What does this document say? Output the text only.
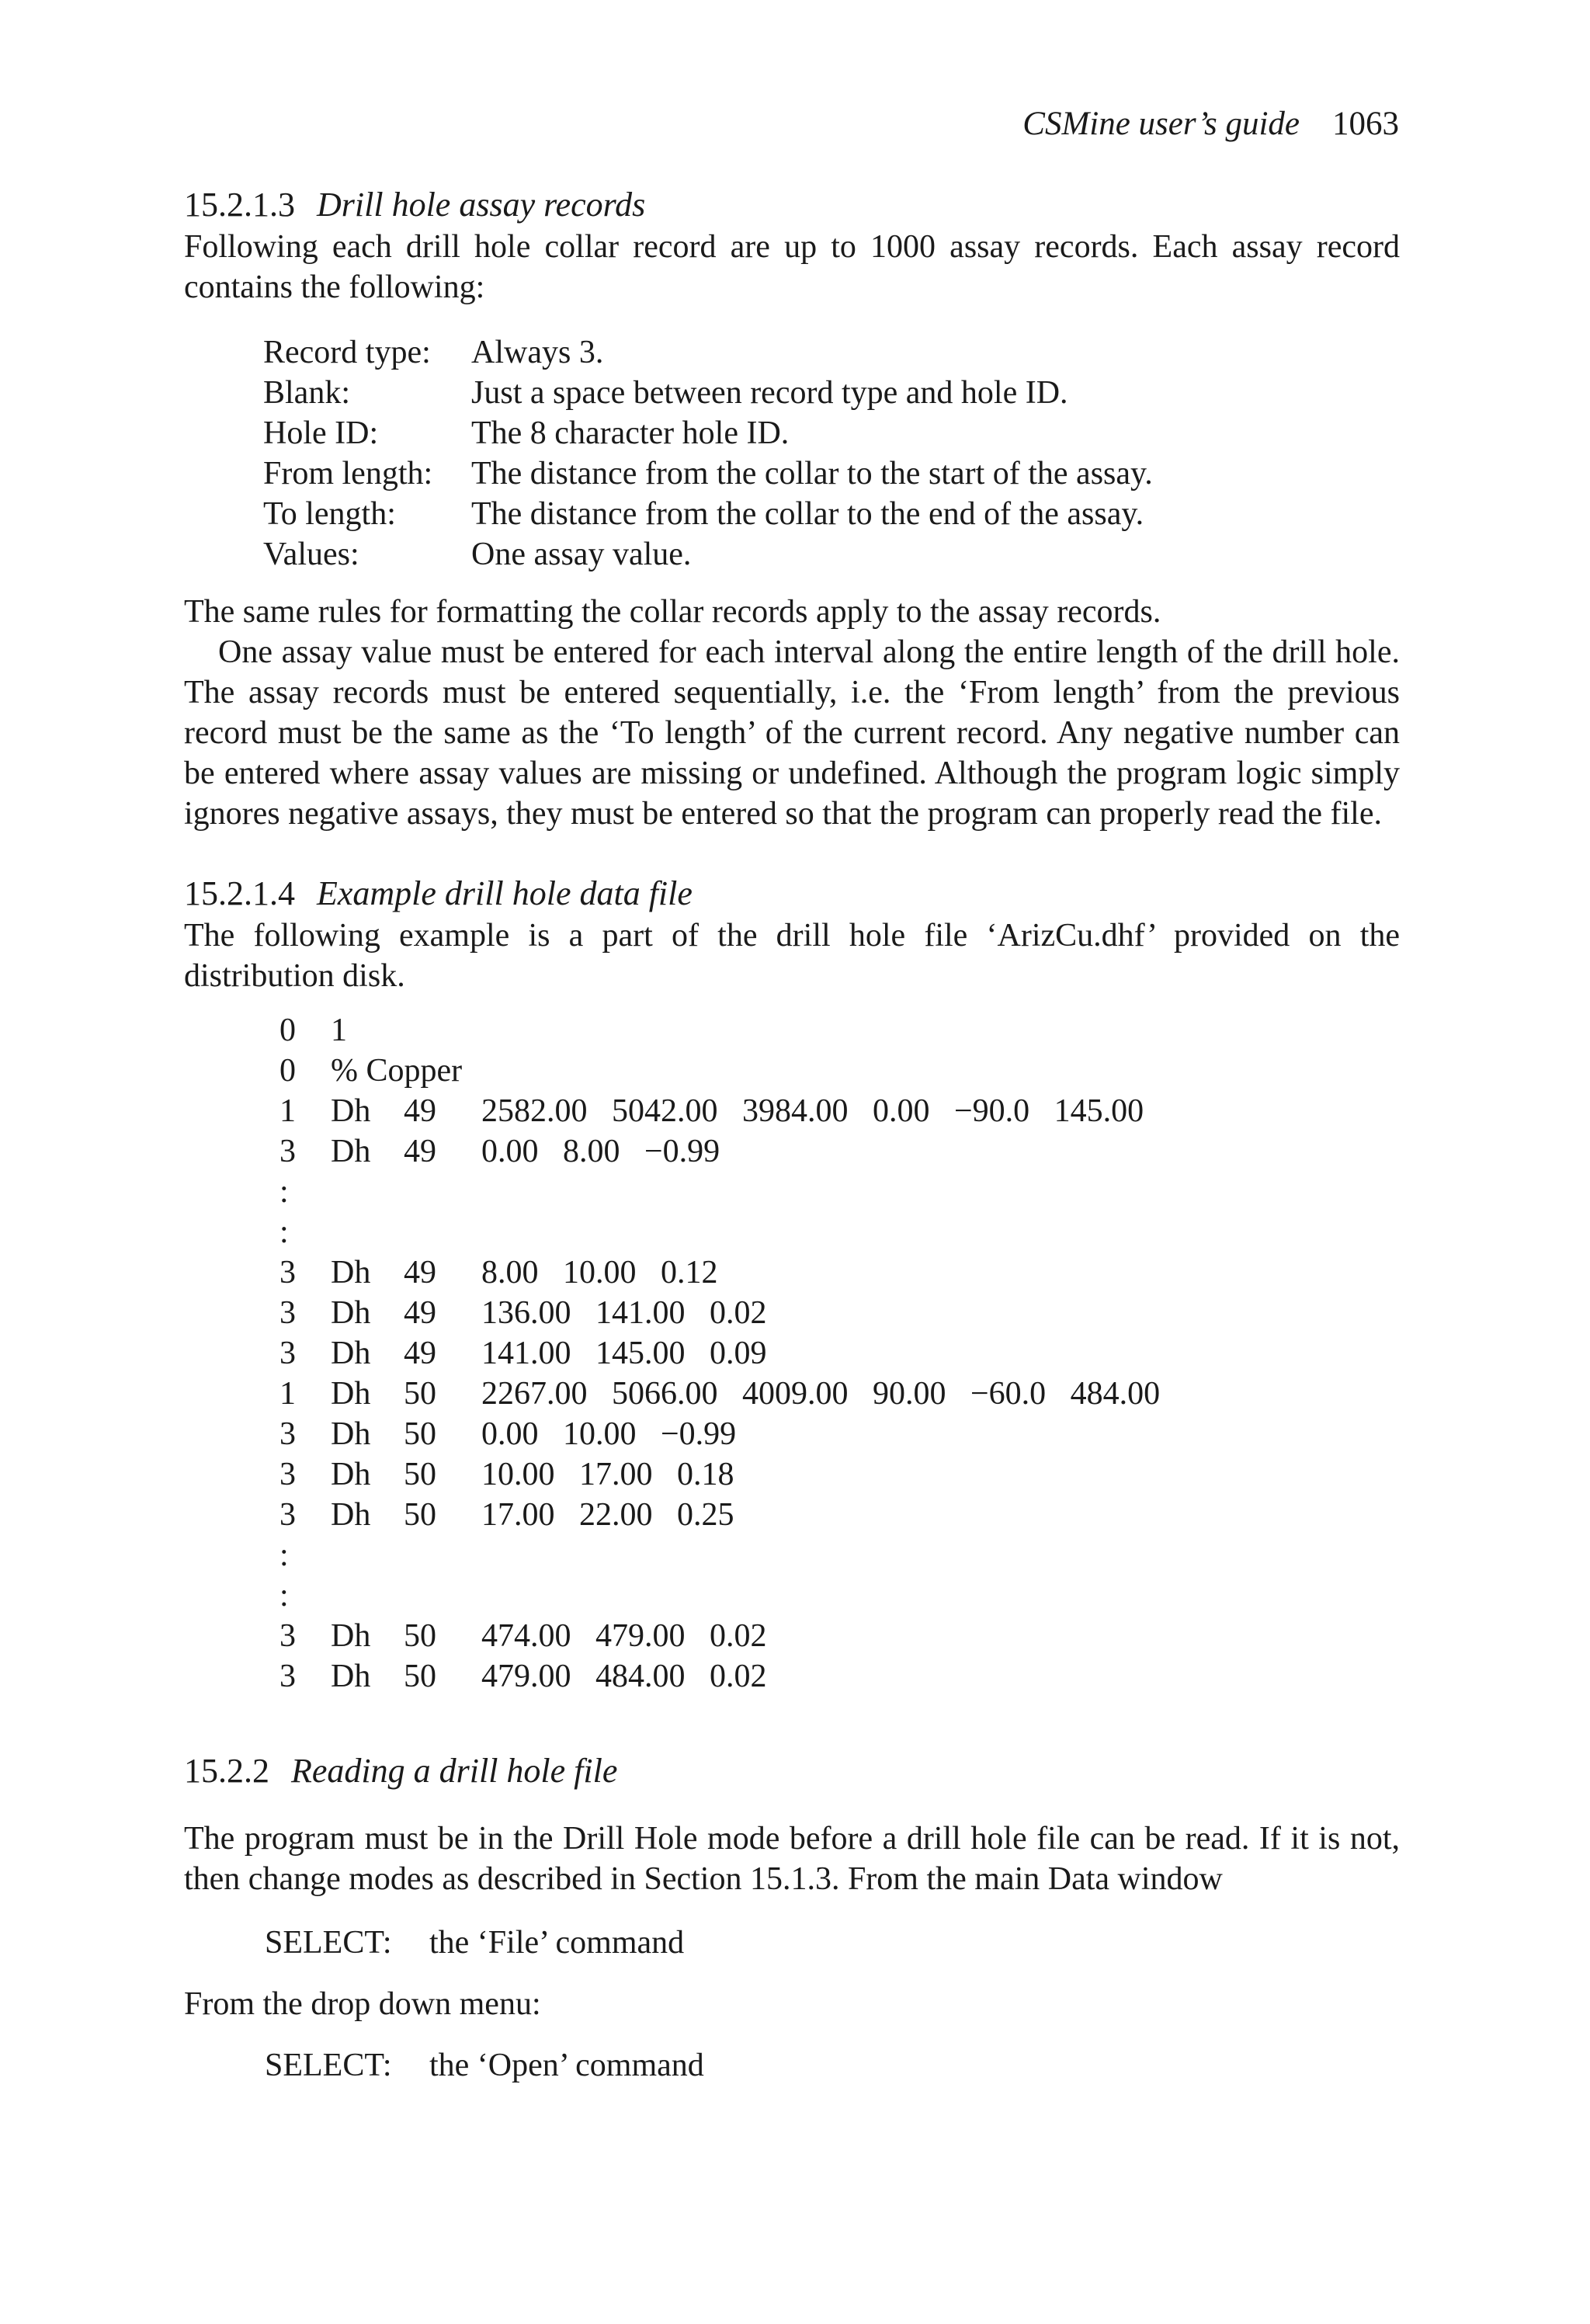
CSMine user’s guide 1063
15.2.1.3 Drill hole assay records

Following each drill hole collar record are up to 1000 assay records. Each assay record contains the following:

Record type: Always 3.
Blank:	Just a space between record type and hole ID.
Hole ID:	The 8 character hole ID.
From length: The distance from the collar to the start of the assay.
To length: The distance from the collar to the end of the assay.
Values:	One assay value.

The same rules for formatting the collar records apply to the assay records.

One assay value must be entered for each interval along the entire length of the drill hole. The assay records must be entered sequentially, i.e. the ‘From length’ from the previous record must be the same as the ‘To length’ of the current record. Any negative number can be entered where assay values are missing or undefined. Although the program logic simply ignores negative assays, they must be entered so that the program can properly read the file.

15.2.1.4 Example drill hole data file

The following example is a part of the drill hole file ‘ArizCu.dhf’ provided on the distribution disk.

0 1
0 % Copper
1 Dh 49 2582.00   5042.00   3984.00   0.00   −90.0   145.00
3 Dh 49 0.00   8.00   −0.99
:
:
3 Dh 49 8.00   10.00   0.12
3 Dh 49 136.00   141.00   0.02
3 Dh 49 141.00   145.00   0.09
1 Dh 50 2267.00   5066.00   4009.00   90.00   −60.0   484.00
3 Dh 50 0.00   10.00   −0.99
3 Dh 50 10.00   17.00   0.18
3 Dh 50 17.00   22.00   0.25
:
:
3 Dh 50 474.00   479.00   0.02
3 Dh 50 479.00   484.00   0.02
15.2.2 Reading a drill hole file

The program must be in the Drill Hole mode before a drill hole file can be read. If it is not, then change modes as described in Section 15.1.3. From the main Data window

SELECT: the ‘File’ command

From the drop down menu:

SELECT: the ‘Open’ command
